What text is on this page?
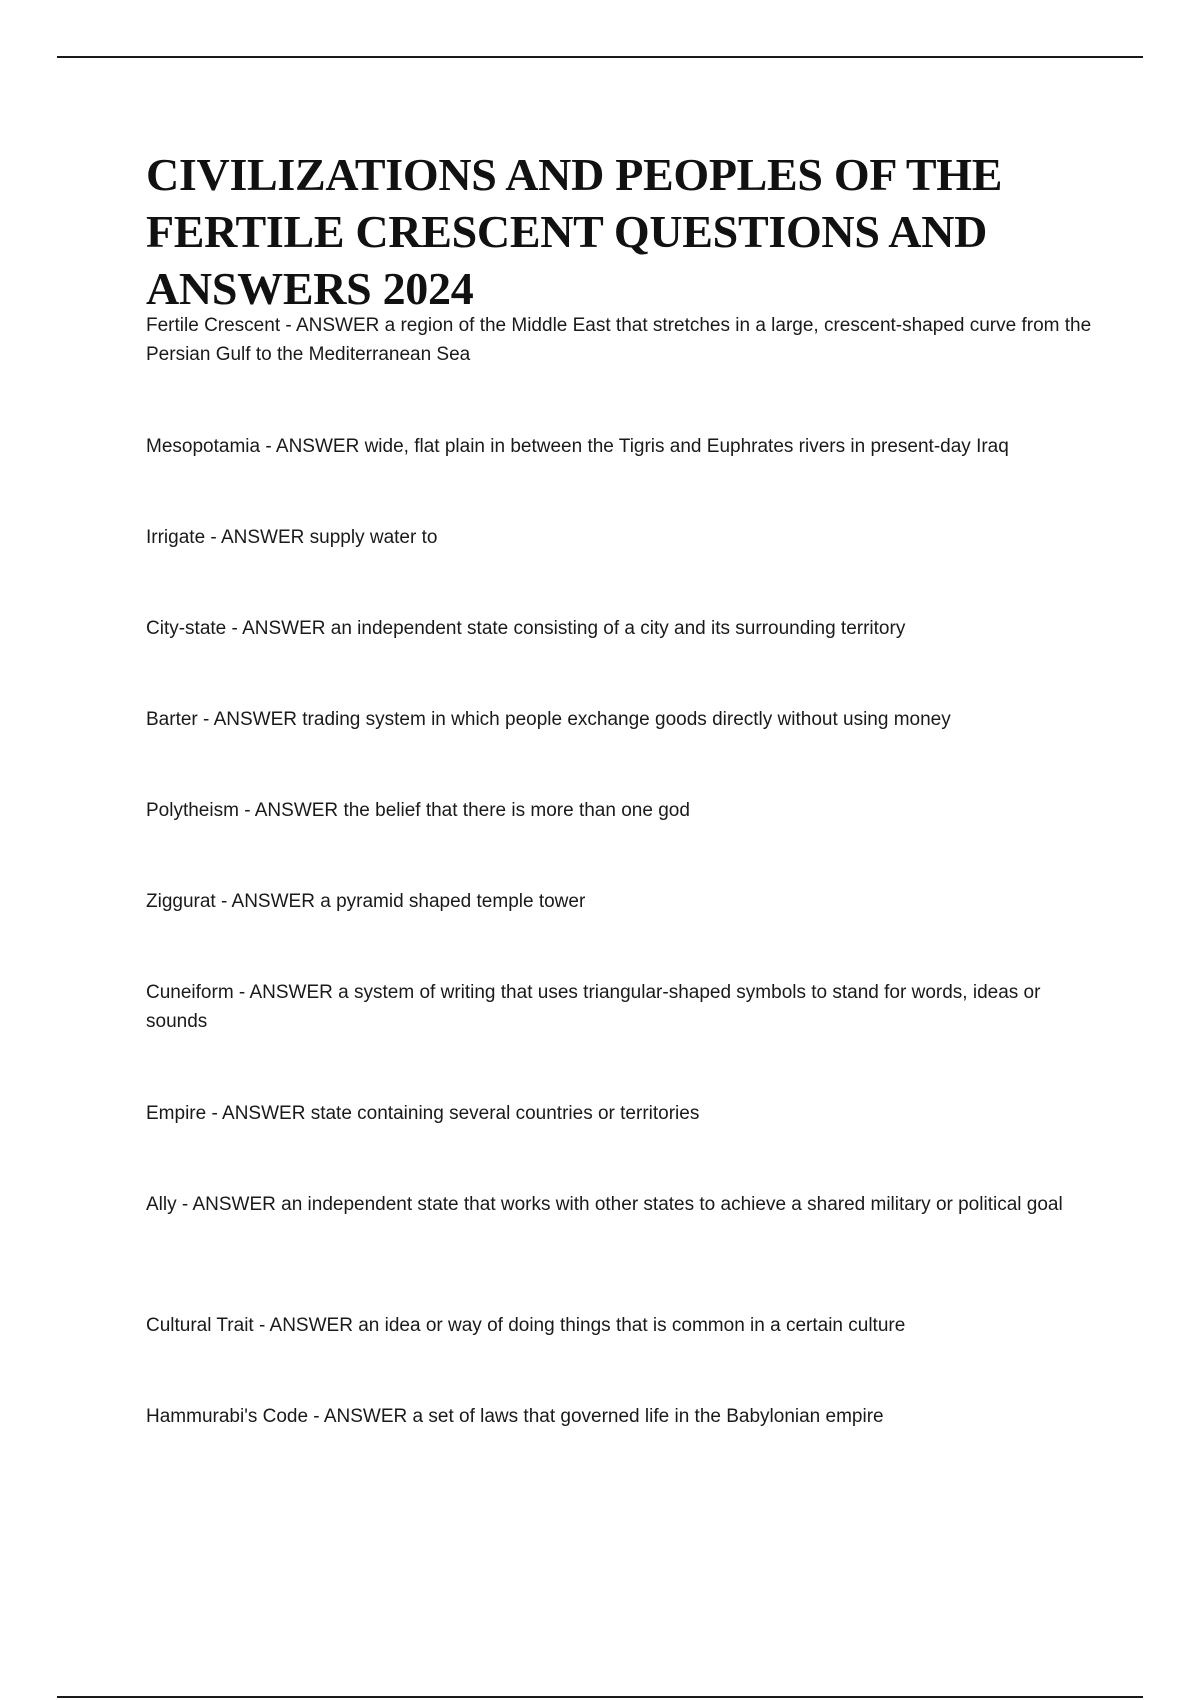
CIVILIZATIONS AND PEOPLES OF THE FERTILE CRESCENT QUESTIONS AND ANSWERS 2024
Fertile Crescent - ANSWER a region of the Middle East that stretches in a large, crescent-shaped curve from the Persian Gulf to the Mediterranean Sea
Mesopotamia - ANSWER wide, flat plain in between the Tigris and Euphrates rivers in present-day Iraq
Irrigate - ANSWER supply water to
City-state - ANSWER an independent state consisting of a city and its surrounding territory
Barter - ANSWER trading system in which people exchange goods directly without using money
Polytheism - ANSWER the belief that there is more than one god
Ziggurat - ANSWER a pyramid shaped temple tower
Cuneiform - ANSWER a system of writing that uses triangular-shaped symbols to stand for words, ideas or sounds
Empire - ANSWER state containing several countries or territories
Ally - ANSWER an independent state that works with other states to achieve a shared military or political goal
Cultural Trait - ANSWER an idea or way of doing things that is common in a certain culture
Hammurabi's Code - ANSWER a set of laws that governed life in the Babylonian empire
